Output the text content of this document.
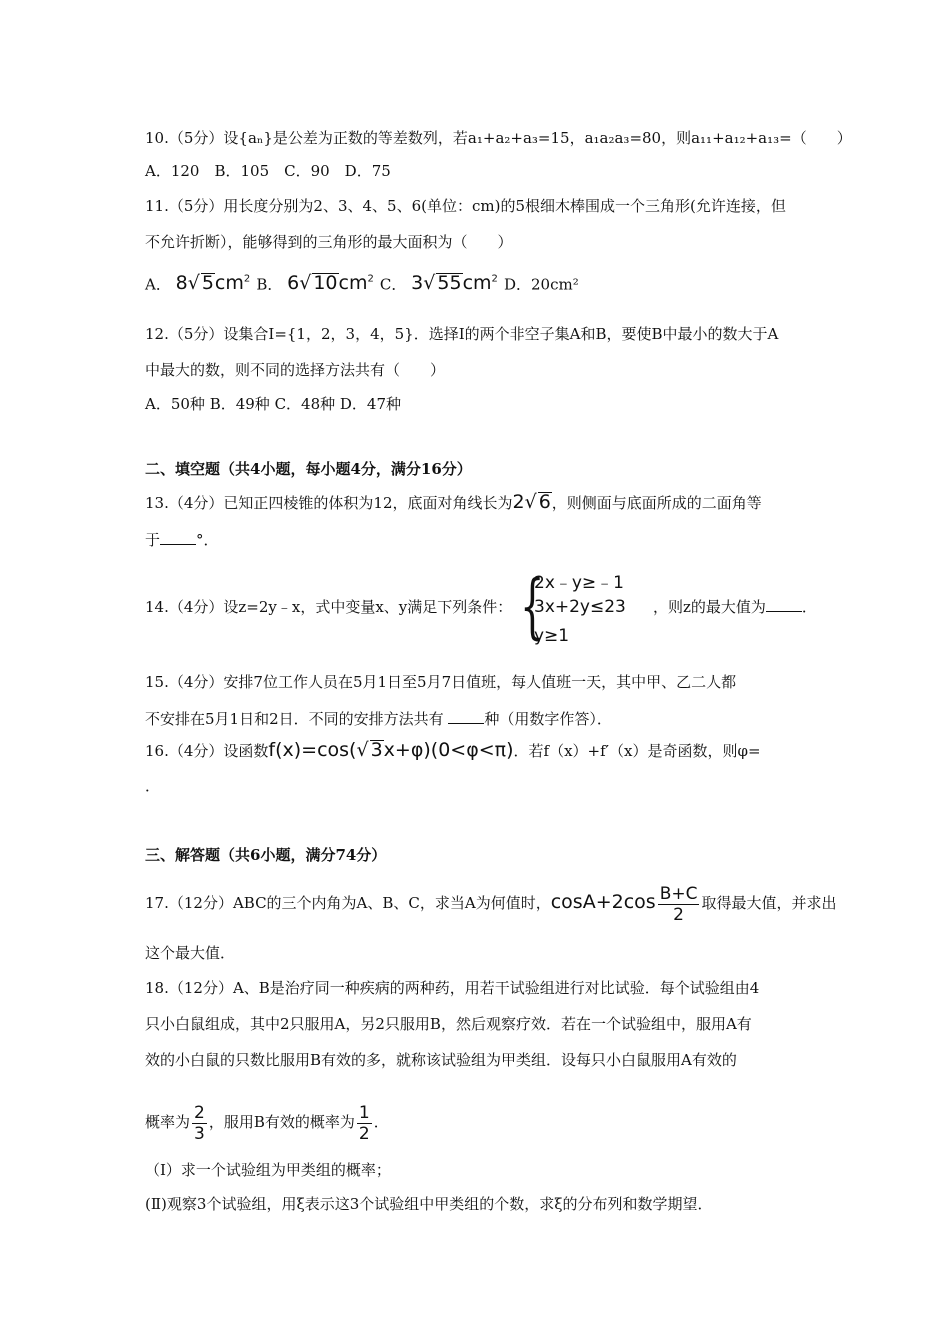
10.（5分）设{aₙ}是公差为正数的等差数列，若a₁+a₂+a₃=15，a₁a₂a₃=80，则a₁₁+a₁₂+a₁₃=（　　）
A．120　B．105　C．90　D．75
11.（5分）用长度分别为2、3、4、5、6(单位：cm)的5根细木棒围成一个三角形(允许连接，但
不允许折断），能够得到的三角形的最大面积为（　　）
A． 8√ $5cm^2$ B． 6√ $10cm^2$ C． 3√ $55cm^2$ D．20cm²
12.（5分）设集合I={1，2，3，4，5}．选择I的两个非空子集A和B，要使B中最小的数大于A
中最大的数，则不同的选择方法共有（　　）
A．50种 B．49种 C．48种 D．47种
二、填空题（共4小题，每小题4分，满分16分）
13.（4分）已知正四棱锥的体积为12，底面对角线长为2√ 6，则侧面与底面所成的二面角等
于 °．
14.（4分）设z=2y﹣x，式中变量x、y满足下列条件： {
2x﹣y≥﹣1
3x+2y≤23
y≥1
，则z的最大值为 ．
15.（4分）安排7位工作人员在5月1日至5月7日值班，每人值班一天，其中甲、乙二人都
不安排在5月1日和2日．不同的安排方法共有 种（用数字作答）．
16.（4分）设函数f(x)=cos(√ 3x+φ)(0<φ<π)．若f（x）+f′（x）是奇函数，则φ=
．
三、解答题（共6小题，满分74分）
17.（12分）ABC的三个内角为A、B、C，求当A为何值时，$\cos A+2\cos \frac{B+C}{2}$ 取得最大值，并求出
这个最大值．
18.（12分）A、B是治疗同一种疾病的两种药，用若干试验组进行对比试验．每个试验组由4
只小白鼠组成，其中2只服用A，另2只服用B，然后观察疗效．若在一个试验组中，服用A有
效的小白鼠的只数比服用B有效的多，就称该试验组为甲类组．设每只小白鼠服用A有效的
概率为 $\frac{2}{3}$ ，服用B有效的概率为 $\frac{1}{2}$ ．
（Ⅰ）求一个试验组为甲类组的概率；
(Ⅱ)观察3个试验组，用ξ表示这3个试验组中甲类组的个数，求ξ的分布列和数学期望．
